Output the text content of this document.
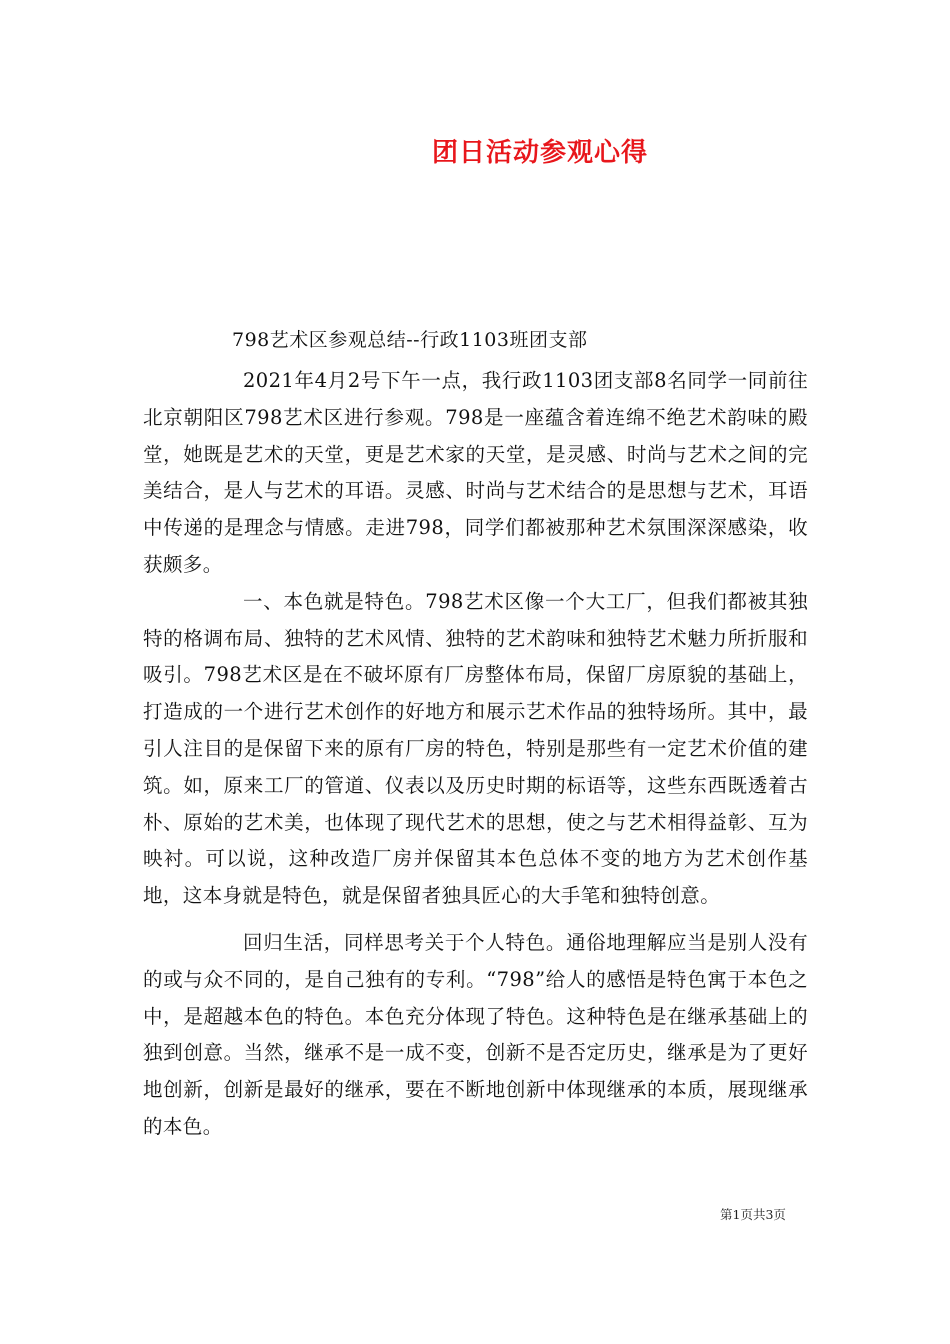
团日活动参观心得
798艺术区参观总结--行政1103班团支部

2021年4月2号下午一点，我行政1103团支部8名同学一同前往北京朝阳区798艺术区进行参观。798是一座蕴含着连绵不绝艺术韵味的殿堂，她既是艺术的天堂，更是艺术家的天堂，是灵感、时尚与艺术之间的完美结合，是人与艺术的耳语。灵感、时尚与艺术结合的是思想与艺术，耳语中传递的是理念与情感。走进798，同学们都被那种艺术氛围深深感染，收获颇多。

一、本色就是特色。798艺术区像一个大工厂，但我们都被其独特的格调布局、独特的艺术风情、独特的艺术韵味和独特艺术魅力所折服和吸引。798艺术区是在不破坏原有厂房整体布局，保留厂房原貌的基础上，打造成的一个进行艺术创作的好地方和展示艺术作品的独特场所。其中，最引人注目的是保留下来的原有厂房的特色，特别是那些有一定艺术价值的建筑。如，原来工厂的管道、仪表以及历史时期的标语等，这些东西既透着古朴、原始的艺术美，也体现了现代艺术的思想，使之与艺术相得益彰、互为映衬。可以说，这种改造厂房并保留其本色总体不变的地方为艺术创作基地，这本身就是特色，就是保留者独具匠心的大手笔和独特创意。

回归生活，同样思考关于个人特色。通俗地理解应当是别人没有的或与众不同的，是自己独有的专利。“798”给人的感悟是特色寓于本色之中，是超越本色的特色。本色充分体现了特色。这种特色是在继承基础上的独到创意。当然，继承不是一成不变，创新不是否定历史，继承是为了更好地创新，创新是最好的继承，要在不断地创新中体现继承的本质，展现继承的本色。

第1页共3页
